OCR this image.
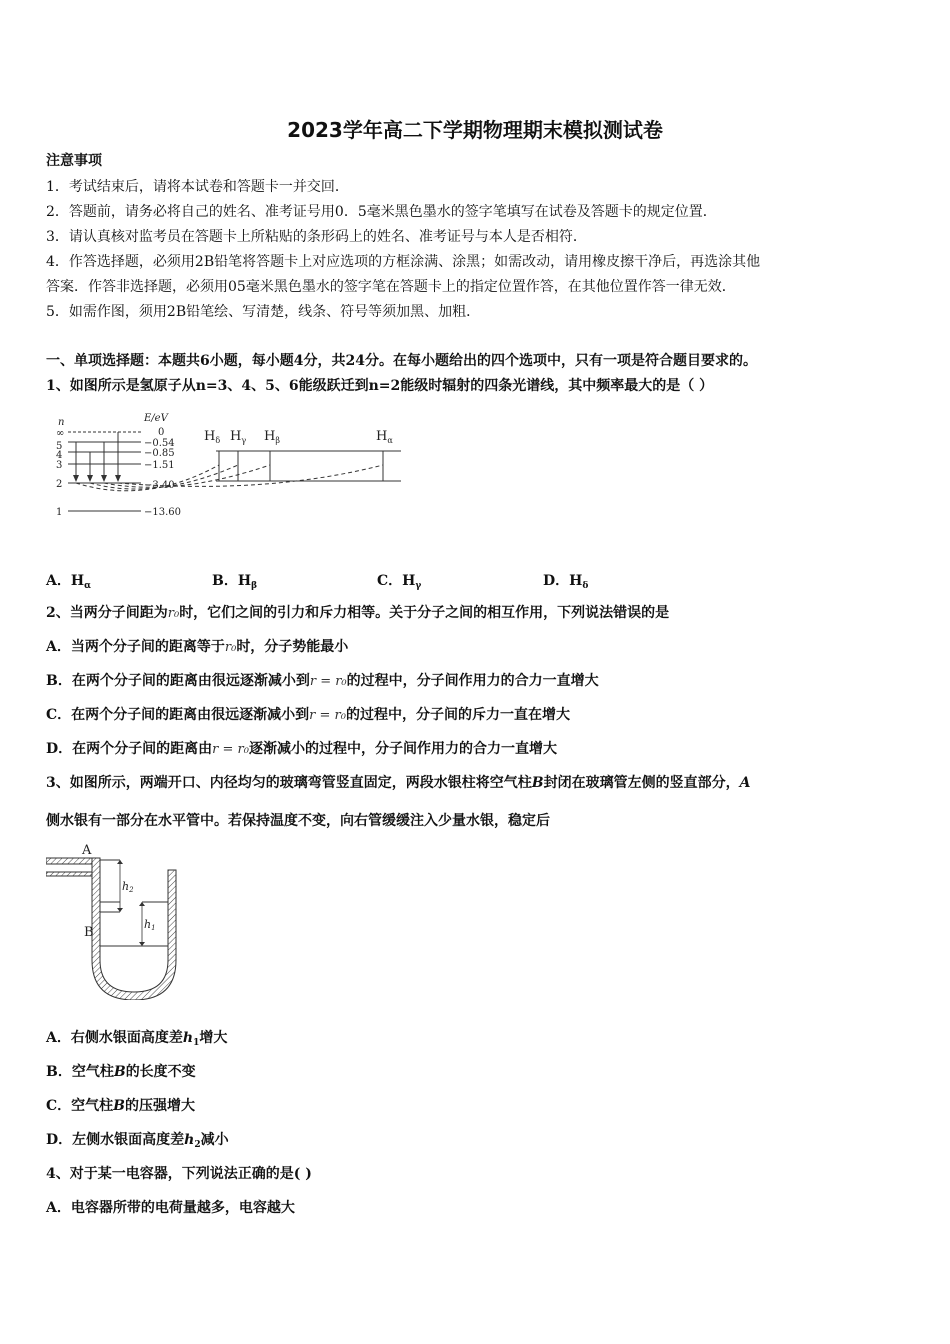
2023学年高二下学期物理期末模拟测试卷
注意事项
1．考试结束后，请将本试卷和答题卡一并交回．
2．答题前，请务必将自己的姓名、准考证号用0．5毫米黑色墨水的签字笔填写在试卷及答题卡的规定位置．
3．请认真核对监考员在答题卡上所粘贴的条形码上的姓名、准考证号与本人是否相符．
4．作答选择题，必须用2B铅笔将答题卡上对应选项的方框涂满、涂黑；如需改动，请用橡皮擦干净后，再选涂其他
答案．作答非选择题，必须用05毫米黑色墨水的签字笔在答题卡上的指定位置作答，在其他位置作答一律无效．
5．如需作图，须用2B铅笔绘、写清楚，线条、符号等须加黑、加粗．
一、单项选择题：本题共6小题，每小题4分，共24分。在每小题给出的四个选项中，只有一项是符合题目要求的。
1、如图所示是氢原子从n=3、4、5、6能级跃迁到n=2能级时辐射的四条光谱线，其中频率最大的是（ ）
n	E/eV
∞
5
4
3
2
1
0
−0.54
−0.85
−1.51
−3.40
−13.60
$H_\delta$ $H_\gamma$ $H_\beta$	$H_\alpha$
A．$H_\alpha$	B．$H_\beta$	C．$H_\gamma$	D．$H_\delta$
2、当两分子间距为r₀时，它们之间的引力和斥力相等。关于分子之间的相互作用，下列说法错误的是
A．当两个分子间的距离等于r₀时，分子势能最小
B．在两个分子间的距离由很远逐渐减小到r = r₀的过程中，分子间作用力的合力一直增大
C．在两个分子间的距离由很远逐渐减小到r = r₀的过程中，分子间的斥力一直在增大
D．在两个分子间的距离由r = r₀逐渐减小的过程中，分子间作用力的合力一直增大
3、如图所示，两端开口、内径均匀的玻璃弯管竖直固定，两段水银柱将空气柱B封闭在玻璃管左侧的竖直部分，A
侧水银有一部分在水平管中。若保持温度不变，向右管缓缓注入少量水银，稳定后
A
B
h2
h1
A．右侧水银面高度差$h_1$增大
B．空气柱B的长度不变
C．空气柱B的压强增大
D．左侧水银面高度差$h_2$减小
4、对于某一电容器，下列说法正确的是( )
A．电容器所带的电荷量越多，电容越大
